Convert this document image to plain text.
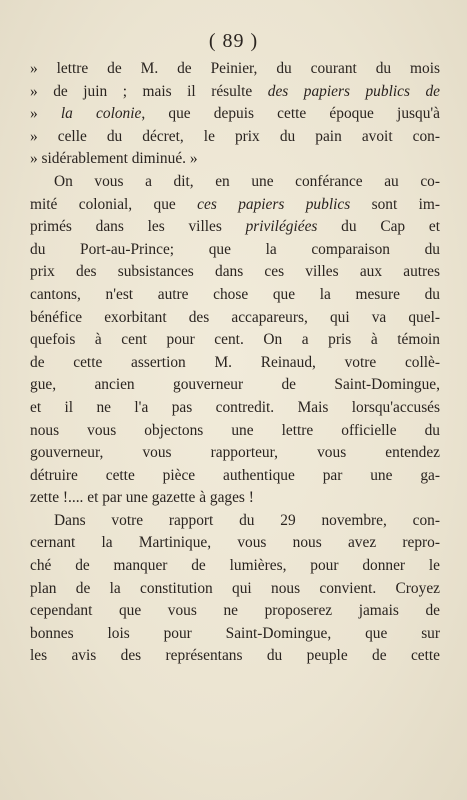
( 89 )
» lettre de M. de Peinier, du courant du mois
» de juin ; mais il résulte des papiers publics de
» la colonie, que depuis cette époque jusqu'à
» celle du décret, le prix du pain avoit con-
» sidérablement diminué. »
On vous a dit, en une conférance au co-
mité colonial, que ces papiers publics sont im-
primés dans les villes privilégiées du Cap et
du Port-au-Prince; que la comparaison du
prix des subsistances dans ces villes aux autres
cantons, n'est autre chose que la mesure du
bénéfice exorbitant des accapareurs, qui va quel-
quefois à cent pour cent. On a pris à témoin
de cette assertion M. Reinaud, votre collè-
gue, ancien gouverneur de Saint-Domingue,
et il ne l'a pas contredit. Mais lorsqu'accusés
nous vous objectons une lettre officielle du
gouverneur, vous rapporteur, vous entendez
détruire cette pièce authentique par une ga-
zette !.... et par une gazette à gages !
Dans votre rapport du 29 novembre, con-
cernant la Martinique, vous nous avez repro-
ché de manquer de lumières, pour donner le
plan de la constitution qui nous convient. Croyez
cependant que vous ne proposerez jamais de
bonnes lois pour Saint-Domingue, que sur
les avis des représentans du peuple de cette
